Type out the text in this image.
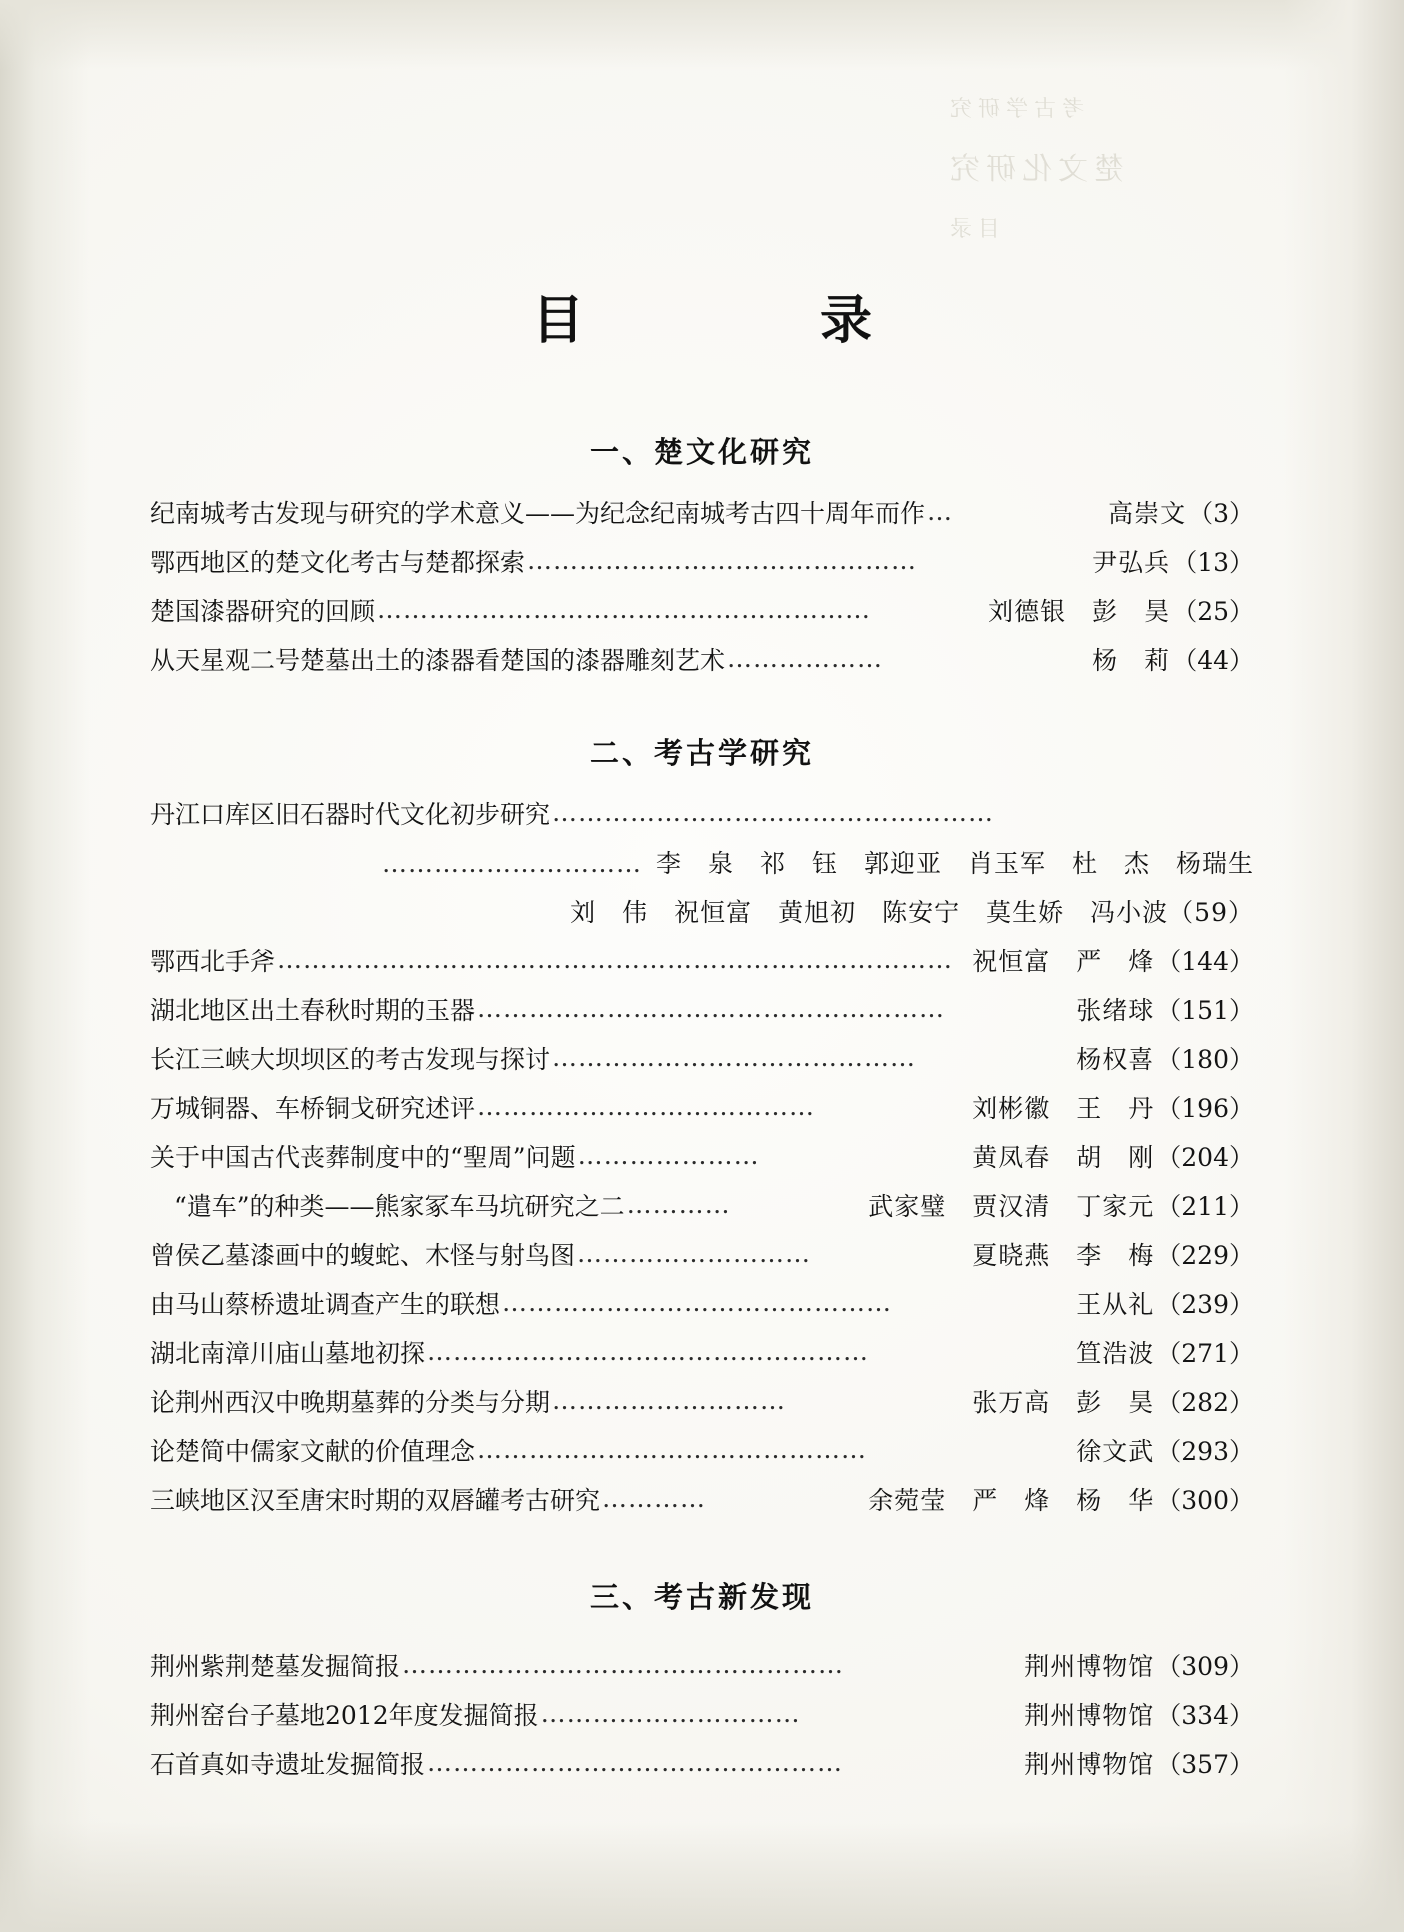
考古学研究
楚文化研究
目录
目　　录
一、楚文化研究
纪南城考古发现与研究的学术意义——为纪念纪南城考古四十周年而作 …	高崇文 （3）
鄂西地区的楚文化考古与楚都探索 ………………………………………	尹弘兵 （13）
楚国漆器研究的回顾 …………………………………………………	刘德银　彭　昊 （25）
从天星观二号楚墓出土的漆器看楚国的漆器雕刻艺术 ………………	杨　莉 （44）
二、考古学研究
丹江口库区旧石器时代文化初步研究 ……………………………………………
………………………… 李　泉　祁　钰　郭迎亚　肖玉军　杜　杰　杨瑞生
刘　伟　祝恒富　黄旭初　陈安宁　莫生娇　冯小波（59）
鄂西北手斧 …………………………………………………………………… 祝恒富　严　烽 （144）
湖北地区出土春秋时期的玉器 ………………………………………………	张绪球 （151）
长江三峡大坝坝区的考古发现与探讨 ……………………………………	杨权喜 （180）
万城铜器、车桥铜戈研究述评 …………………………………	刘彬徽　王　丹 （196）
关于中国古代丧葬制度中的“聖周”问题 …………………	黄凤春　胡　刚 （204）
“遣车”的种类——熊家冢车马坑研究之二 …………	武家璧　贾汉清　丁家元 （211）
曾侯乙墓漆画中的蝮蛇、木怪与射鸟图 ………………………	夏晓燕　李　梅 （229）
由马山蔡桥遗址调查产生的联想 ………………………………………	王从礼 （239）
湖北南漳川庙山墓地初探 ……………………………………………	笪浩波 （271）
论荆州西汉中晚期墓葬的分类与分期 ………………………	张万高　彭　昊 （282）
论楚简中儒家文献的价值理念 ………………………………………	徐文武 （293）
三峡地区汉至唐宋时期的双唇罐考古研究 …………	余菀莹　严　烽　杨　华 （300）
三、考古新发现
荆州紫荆楚墓发掘简报 ……………………………………………	荆州博物馆 （309）
荆州窑台子墓地2012年度发掘简报 …………………………	荆州博物馆 （334）
石首真如寺遗址发掘简报 …………………………………………	荆州博物馆 （357）
